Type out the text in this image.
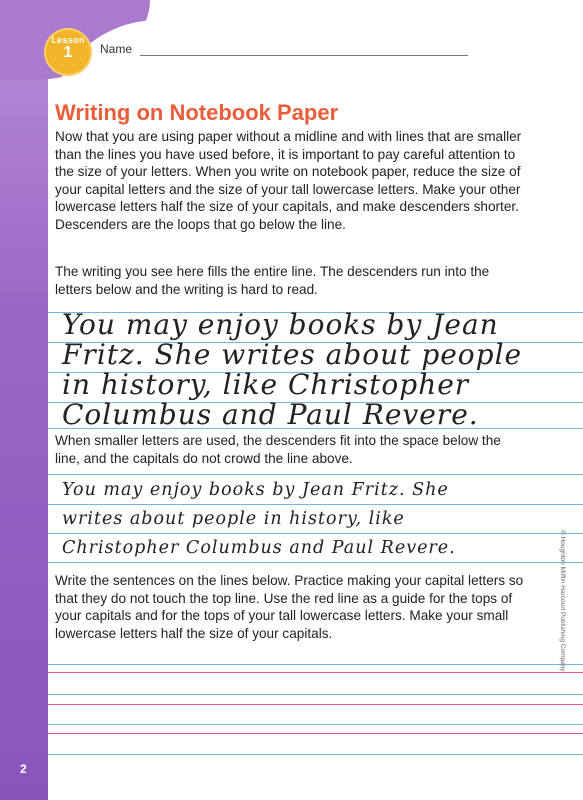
Lesson
1	Name
Writing on Notebook Paper

Now that you are using paper without a midline and with lines that are smaller than the lines you have used before, it is important to pay careful attention to the size of your letters. When you write on notebook paper, reduce the size of your capital letters and the size of your tall lowercase letters. Make your other lowercase letters half the size of your capitals, and make descenders shorter. Descenders are the loops that go below the line.

The writing you see here fills the entire line. The descenders run into the letters below and the writing is hard to read.

You may enjoy books by Jean

Fritz. She writes about people

in history, like Christopher

Columbus and Paul Revere.

When smaller letters are used, the descenders fit into the space below the line, and the capitals do not crowd the line above.

You may enjoy books by Jean Fritz. She

writes about people in history, like

Christopher Columbus and Paul Revere.

Write the sentences on the lines below. Practice making your capital letters so that they do not touch the top line. Use the red line as a guide for the tops of your capitals and for the tops of your tall lowercase letters. Make your small lowercase letters half the size of your capitals.	© Houghton Mifflin Harcourt Publishing Company
2
